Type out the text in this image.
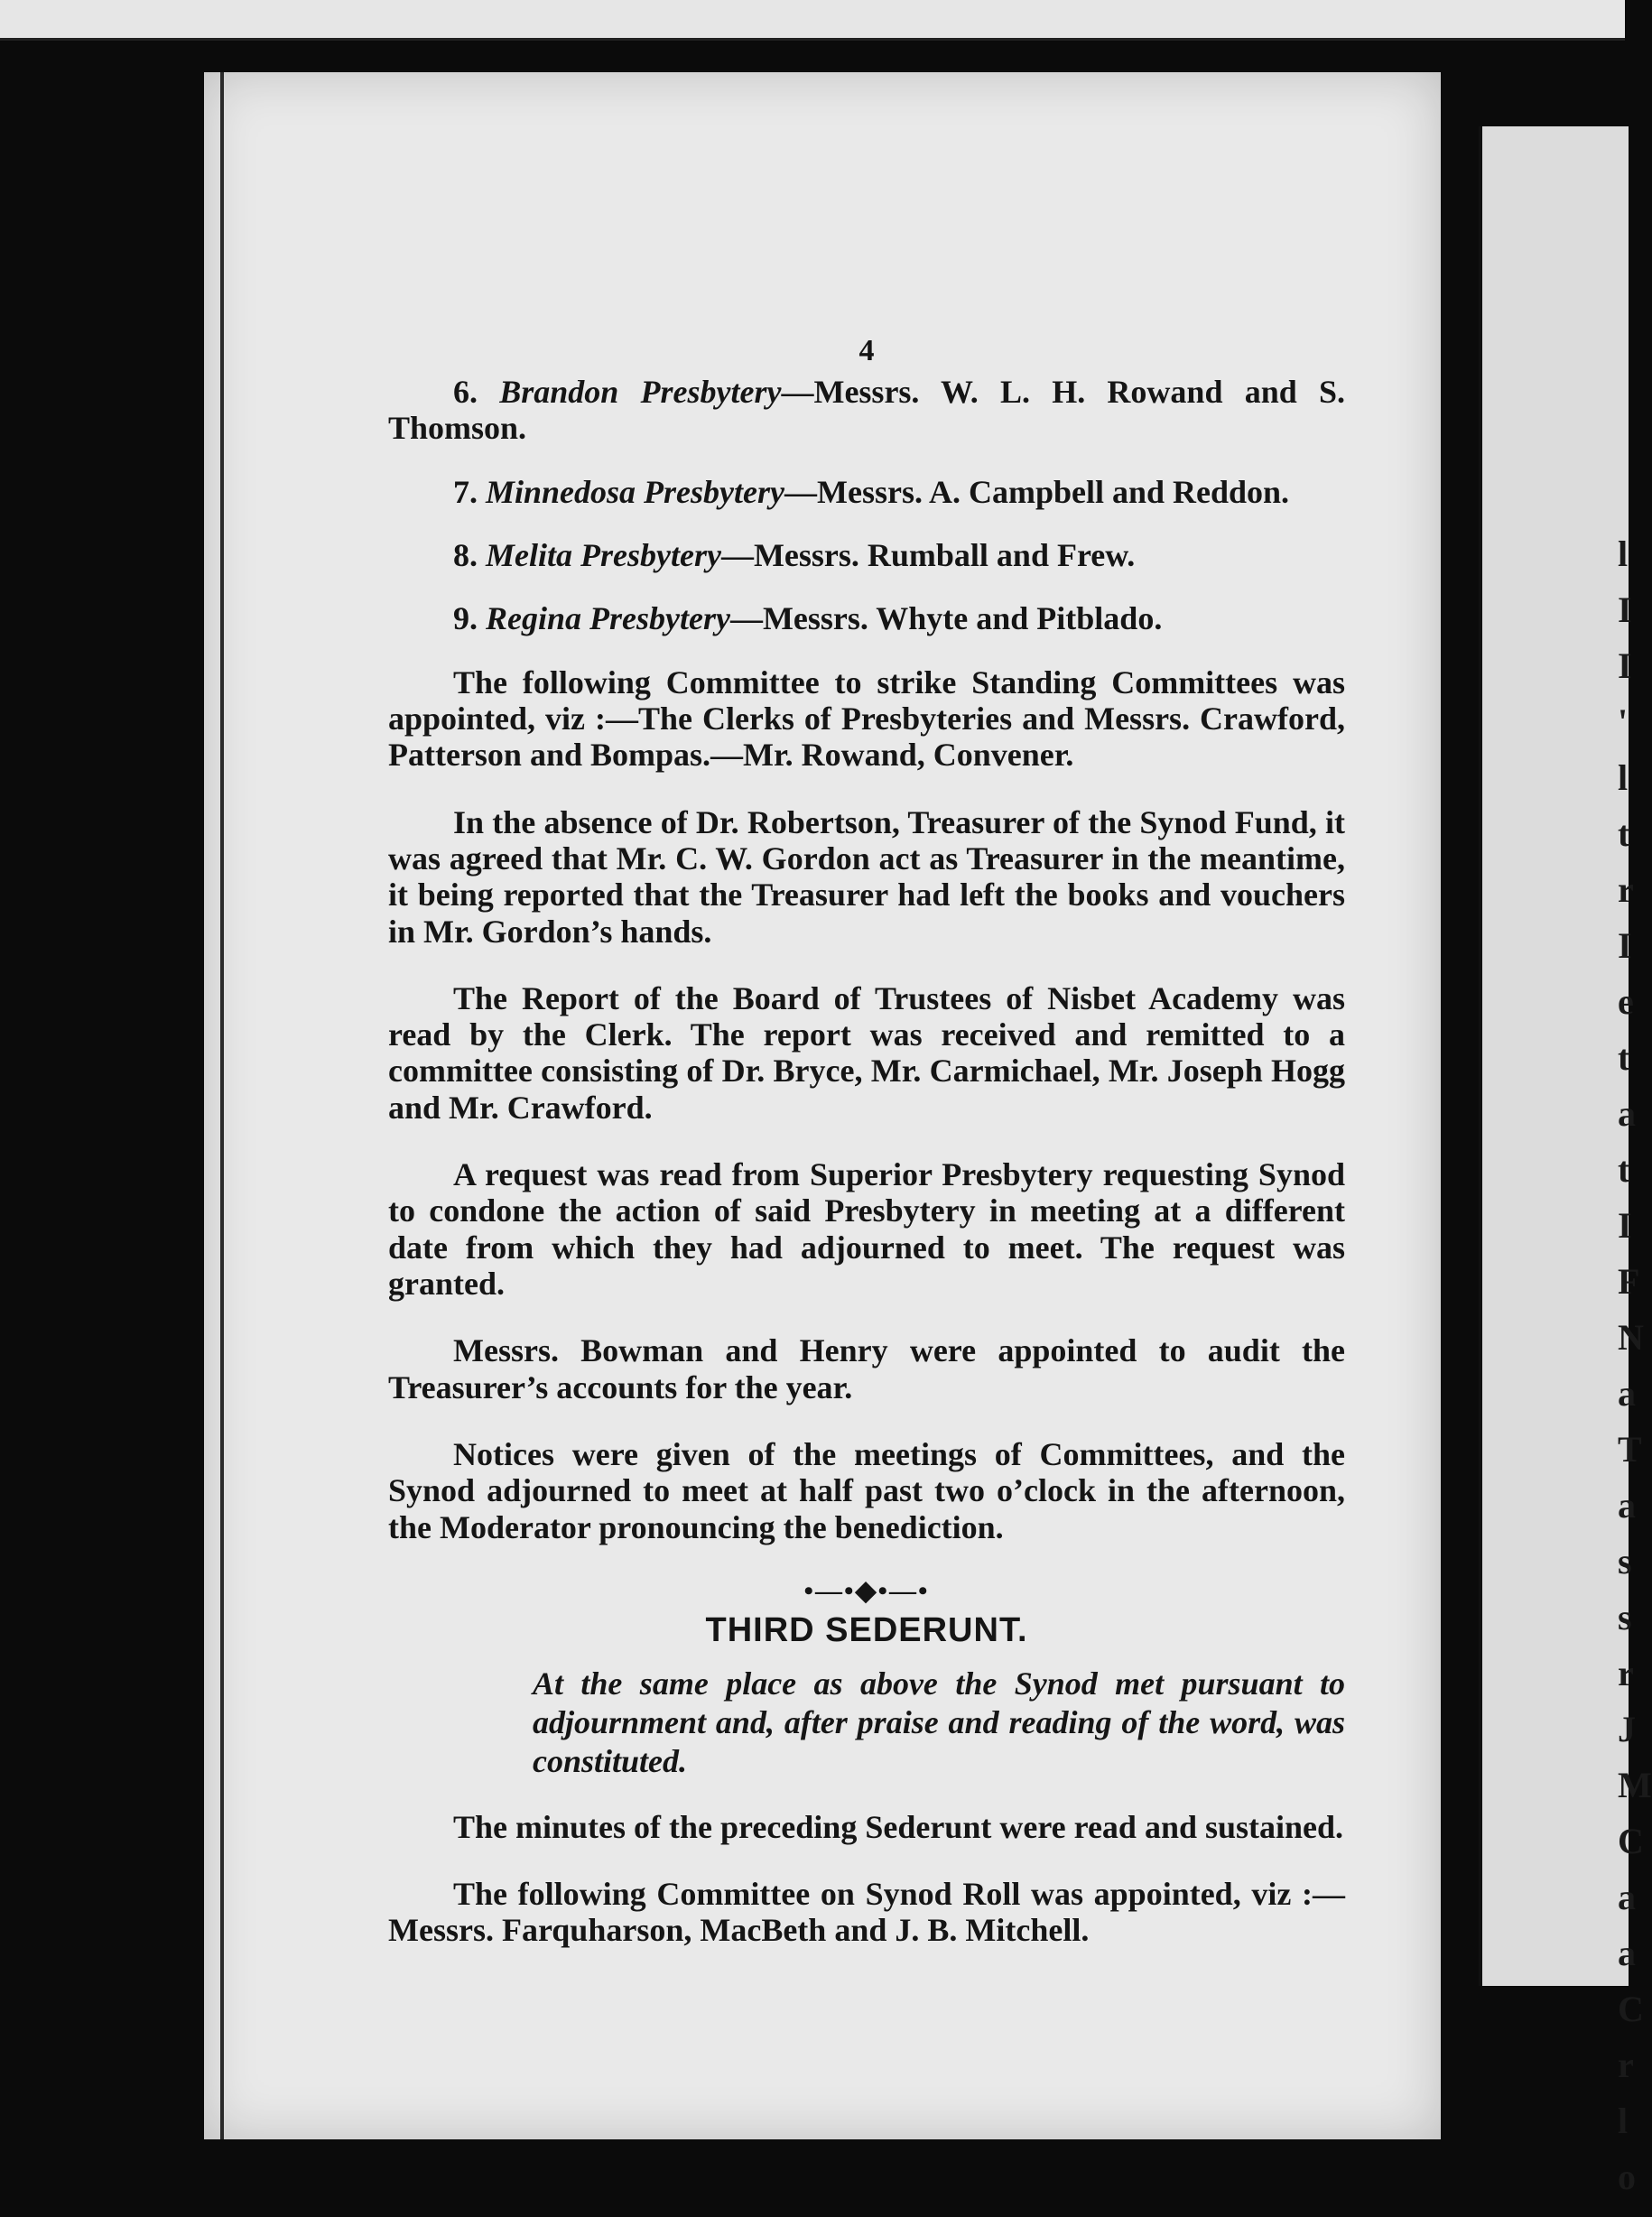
l
I
I
'
l
t
r
I
e
t
a
t
I
F
N
a
T
a
s
s
r
J
M
C
a
a
C
r
l
o
4

6. Brandon Presbytery—Messrs. W. L. H. Rowand and S. Thomson.

7. Minnedosa Presbytery—Messrs. A. Campbell and Reddon.

8. Melita Presbytery—Messrs. Rumball and Frew.

9. Regina Presbytery—Messrs. Whyte and Pitblado.

The following Committee to strike Standing Committees was appointed, viz :—The Clerks of Presbyteries and Messrs. Crawford, Patterson and Bompas.—Mr. Rowand, Convener.

In the absence of Dr. Robertson, Treasurer of the Synod Fund, it was agreed that Mr. C. W. Gordon act as Treasurer in the meantime, it being reported that the Treasurer had left the books and vouchers in Mr. Gordon’s hands.

The Report of the Board of Trustees of Nisbet Academy was read by the Clerk. The report was received and remitted to a committee consisting of Dr. Bryce, Mr. Carmichael, Mr. Joseph Hogg and Mr. Crawford.

A request was read from Superior Presbytery requesting Synod to condone the action of said Presbytery in meeting at a different date from which they had adjourned to meet. The request was granted.

Messrs. Bowman and Henry were appointed to audit the Treasurer’s accounts for the year.

Notices were given of the meetings of Committees, and the Synod adjourned to meet at half past two o’clock in the afternoon, the Moderator pronouncing the benediction.

•—•◆•—•
THIRD SEDERUNT.
At the same place as above the Synod met pursuant to adjournment and, after praise and reading of the word, was constituted.

The minutes of the preceding Sederunt were read and sustained.

The following Committee on Synod Roll was appointed, viz :—Messrs. Farquharson, MacBeth and J. B. Mitchell.
